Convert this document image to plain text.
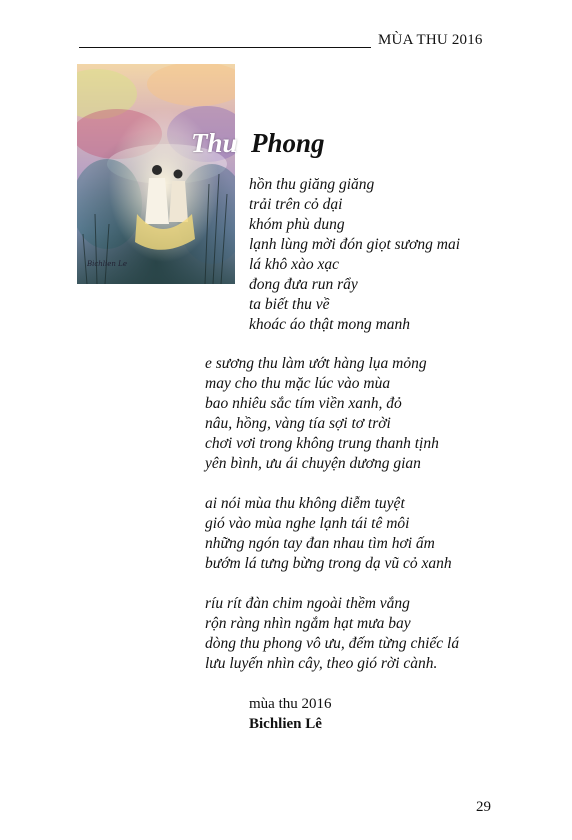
MÙA THU 2016
Bichlien Le
Thu Phong
hồn thu giăng giăng
trải trên cỏ dại
khóm phù dung
lạnh lùng mời đón giọt sương mai
lá khô xào xạc
đong đưa run rẩy
ta biết thu về
khoác áo thật mong manh
e sương thu làm ướt hàng lụa mỏng
may cho thu mặc lúc vào mùa
bao nhiêu sắc tím viền xanh, đỏ
nâu, hồng, vàng tía sợi tơ trời
chơi vơi trong không trung thanh tịnh
yên bình, ưu ái chuyện dương gian
ai nói mùa thu không diễm tuyệt
gió vào mùa nghe lạnh tái tê môi
những ngón tay đan nhau tìm hơi ấm
bướm lá tưng bừng trong dạ vũ cỏ xanh
ríu rít đàn chim ngoài thềm vắng
rộn ràng nhìn ngắm hạt mưa bay
dòng thu phong vô ưu, đếm từng chiếc lá
lưu luyến nhìn cây, theo gió rời cành.
mùa thu 2016
Bichlien Lê
29
